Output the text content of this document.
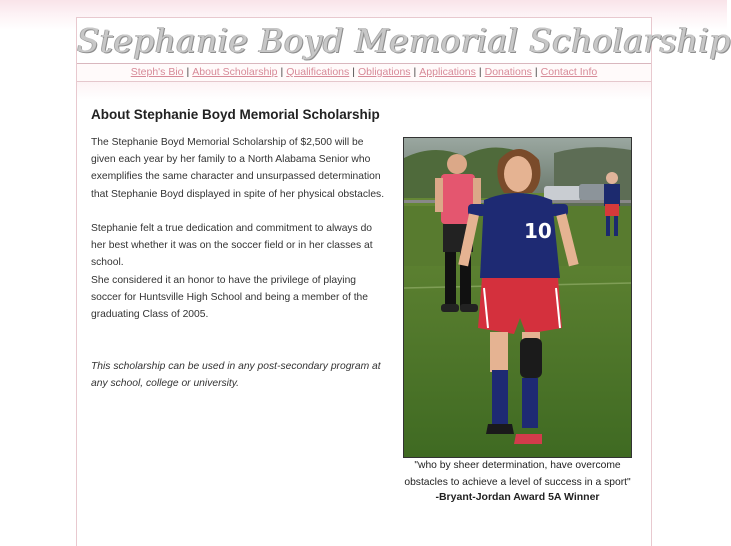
Stephanie Boyd Memorial Scholarship
Steph's Bio | About Scholarship | Qualifications | Obligations | Applications | Donations | Contact Info
About Stephanie Boyd Memorial Scholarship
The Stephanie Boyd Memorial Scholarship of $2,500 will be given each year by her family to a North Alabama Senior who exemplifies the same character and unsurpassed determination that Stephanie Boyd displayed in spite of her physical obstacles.
Stephanie felt a true dedication and commitment to always do her best whether it was on the soccer field or in her classes at school.
She considered it an honor to have the privilege of playing soccer for Huntsville High School and being a member of the graduating Class of 2005.
This scholarship can be used in any post-secondary program at any school, college or university.
10
"who by sheer determination, have overcome obstacles to achieve a level of success in a sport"
-Bryant-Jordan Award 5A Winner
